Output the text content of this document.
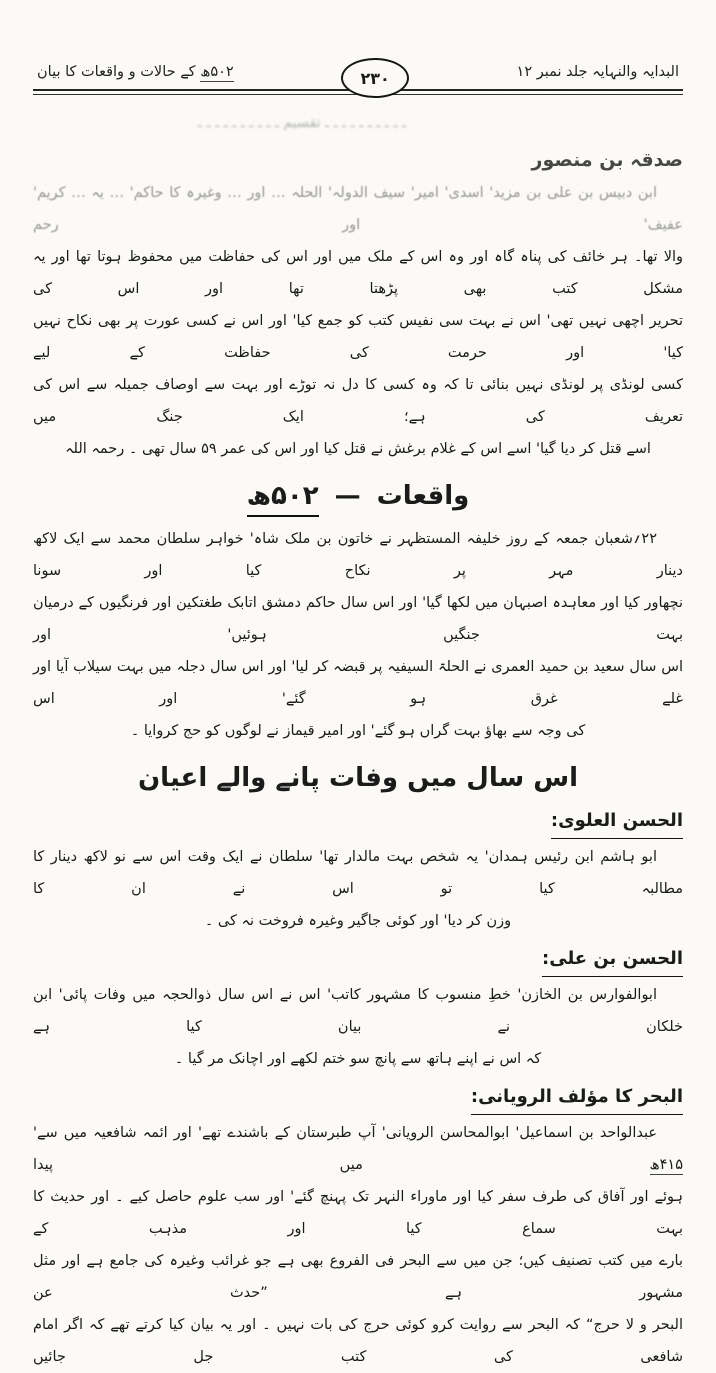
البدایہ والنہایہ جلد نمبر ۱۲
۲۳۰
۵۰۲ھ کے حالات و واقعات کا بیان
ـ ـ ـ ـ ـ ـ ـ ـ ـ ـ تقسیم ـ ـ ـ ـ ـ ـ ـ ـ ـ ـ
صدقہ بن منصور
ابن دبیس بن علی بن مزید' اسدی' امیر' سیف الدولہ' الحلہ … اور … وغیرہ کا حاکم' … یہ … کریم' عفیف' اور رحم
والا تھا۔ ہر خائف کی پناہ گاہ اور وہ اس کے ملک میں اور اس کی حفاظت میں محفوظ ہوتا تھا اور یہ مشکل کتب بھی پڑھتا تھا اور اس کی
تحریر اچھی نہیں تھی' اس نے بہت سی نفیس کتب کو جمع کیا' اور اس نے کسی عورت پر بھی نکاح نہیں کیا' اور حرمت کی حفاظت کے لیے
کسی لونڈی پر لونڈی نہیں بنائی تا کہ وہ کسی کا دل نہ توڑے اور بہت سے اوصاف جمیلہ سے اس کی تعریف کی ہے؛ ایک جنگ میں
اسے قتل کر دیا گیا' اسے اس کے غلام برغش نے قتل کیا اور اس کی عمر ۵۹ سال تھی ۔ رحمہ اللہ
واقعات—۵۰۲ھ
۲۲؍شعبان جمعہ کے روز خلیفہ المستظہر نے خاتون بن ملک شاہ' خواہر سلطان محمد سے ایک لاکھ دینار مہر پر نکاح کیا اور سونا
نچھاور کیا اور معاہدہ اصبہان میں لکھا گیا' اور اس سال حاکم دمشق اتابک طغتکین اور فرنگیوں کے درمیان بہت جنگیں ہوئیں' اور
اس سال سعید بن حمید العمری نے الحلۃ السیفیہ پر قبضہ کر لیا' اور اس سال دجلہ میں بہت سیلاب آیا اور غلے غرق ہو گئے' اور اس
کی وجہ سے بھاؤ بہت گراں ہو گئے' اور امیر قیماز نے لوگوں کو حج کروایا ۔
اس سال میں وفات پانے والے اعیان
الحسن العلوی:
ابو ہاشم ابن رئیس ہمدان' یہ شخص بہت مالدار تھا' سلطان نے ایک وقت اس سے نو لاکھ دینار کا مطالبہ کیا تو اس نے ان کا
وزن کر دیا' اور کوئی جاگیر وغیرہ فروخت نہ کی ۔
الحسن بن علی:
ابوالفوارس بن الخازن' خطِ منسوب کا مشہور کاتب' اس نے اس سال ذوالحجہ میں وفات پائی' ابن خلکان نے بیان کیا ہے
کہ اس نے اپنے ہاتھ سے پانچ سو ختم لکھے اور اچانک مر گیا ۔
البحر کا مؤلف الرویانی:
عبدالواحد بن اسماعیل' ابوالمحاسن الرویانی' آپ طبرستان کے باشندے تھے' اور ائمہ شافعیہ میں سے' ۴۱۵ھ میں پیدا
ہوئے اور آفاق کی طرف سفر کیا اور ماوراء النہر تک پہنچ گئے' اور سب علوم حاصل کیے ۔ اور حدیث کا بہت سماع کیا اور مذہب کے
بارے میں کتب تصنیف کیں؛ جن میں سے البحر فی الفروع بھی ہے جو غرائب وغیرہ کی جامع ہے اور مثل مشہور ہے ”حدث عن
البحر و لا حرج“ کہ البحر سے روایت کرو کوئی حرج کی بات نہیں ۔ اور یہ بیان کیا کرتے تھے کہ اگر امام شافعی کی کتب جل جائیں
